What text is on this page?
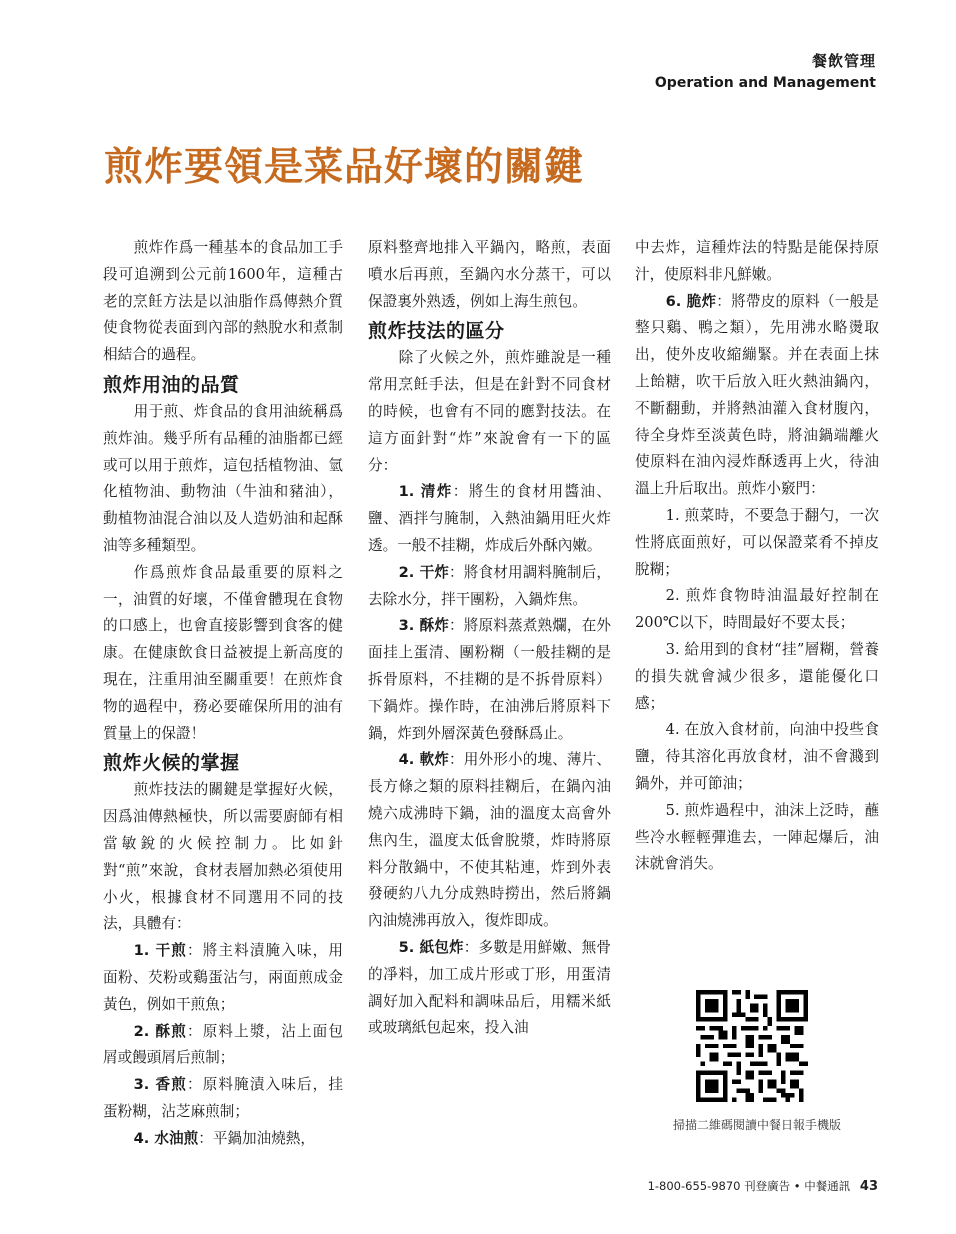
餐飲管理
Operation and Management
煎炸要領是菜品好壞的關鍵

煎炸作爲一種基本的食品加工手段可追溯到公元前1600年，這種古老的烹飪方法是以油脂作爲傳熱介質使食物從表面到內部的熱脫水和煮制相結合的過程。

煎炸用油的品質

用于煎、炸食品的食用油統稱爲煎炸油。幾乎所有品種的油脂都已經或可以用于煎炸，這包括植物油、氫化植物油、動物油（牛油和豬油），動植物油混合油以及人造奶油和起酥油等多種類型。

作爲煎炸食品最重要的原料之一，油質的好壞，不僅會體現在食物的口感上，也會直接影響到食客的健康。在健康飲食日益被提上新高度的現在，注重用油至關重要！在煎炸食物的過程中，務必要確保所用的油有質量上的保證！

煎炸火候的掌握

煎炸技法的關鍵是掌握好火候，因爲油傳熱極快，所以需要廚師有相當敏銳的火候控制力。比如針對“煎”來說，食材表層加熱必須使用小火，根據食材不同選用不同的技法，具體有：

1. 干煎：將主料漬腌入味，用面粉、芡粉或鷄蛋沾勻，兩面煎成金黃色，例如干煎魚；

2. 酥煎：原料上漿，沾上面包屑或饅頭屑后煎制；

3. 香煎：原料腌漬入味后，挂蛋粉糊，沾芝麻煎制；

4. 水油煎：平鍋加油燒熱，

原料整齊地排入平鍋內，略煎，表面噴水后再煎，至鍋內水分蒸干，可以保證裏外熟透，例如上海生煎包。

煎炸技法的區分

除了火候之外，煎炸雖說是一種常用烹飪手法，但是在針對不同食材的時候，也會有不同的應對技法。在這方面針對“炸”來說會有一下的區分：

1. 清炸：將生的食材用醬油、鹽、酒拌勻腌制，入熱油鍋用旺火炸透。一般不挂糊，炸成后外酥內嫩。

2. 干炸：將食材用調料腌制后，去除水分，拌干團粉，入鍋炸焦。

3. 酥炸：將原料蒸煮熟爛，在外面挂上蛋清、團粉糊（一般挂糊的是拆骨原料，不挂糊的是不拆骨原料）下鍋炸。操作時，在油沸后將原料下鍋，炸到外層深黃色發酥爲止。

4. 軟炸：用外形小的塊、薄片、長方條之類的原料挂糊后，在鍋內油燒六成沸時下鍋，油的溫度太高會外焦內生，溫度太低會脫漿，炸時將原料分散鍋中，不使其粘連，炸到外表發硬約八九分成熟時撈出，然后將鍋內油燒沸再放入，復炸即成。

5. 紙包炸：多數是用鮮嫩、無骨的凈料，加工成片形或丁形，用蛋清調好加入配料和調味品后，用糯米紙或玻璃紙包起來，投入油

中去炸，這種炸法的特點是能保持原汁，使原料非凡鮮嫩。

6. 脆炸：將帶皮的原料（一般是整只鷄、鴨之類），先用沸水略燙取出，使外皮收縮繃緊。并在表面上抹上飴糖，吹干后放入旺火熱油鍋內，不斷翻動，并將熱油灌入食材腹內，待全身炸至淡黃色時，將油鍋端離火使原料在油內浸炸酥透再上火，待油溫上升后取出。煎炸小竅門：

1. 煎菜時，不要急于翻勺，一次性將底面煎好，可以保證菜肴不掉皮脫糊；

2. 煎炸食物時油温最好控制在200℃以下，時間最好不要太長；

3. 給用到的食材“挂”層糊，營養的損失就會減少很多，還能優化口感；

4. 在放入食材前，向油中投些食鹽，待其溶化再放食材，油不會濺到鍋外，并可節油；

5. 煎炸過程中，油沫上泛時，蘸些冷水輕輕彈進去，一陣起爆后，油沫就會消失。

掃描二維碼閱讀中餐日報手機版
1-800-655-9870 刊登廣告 • 中餐通訊 43
